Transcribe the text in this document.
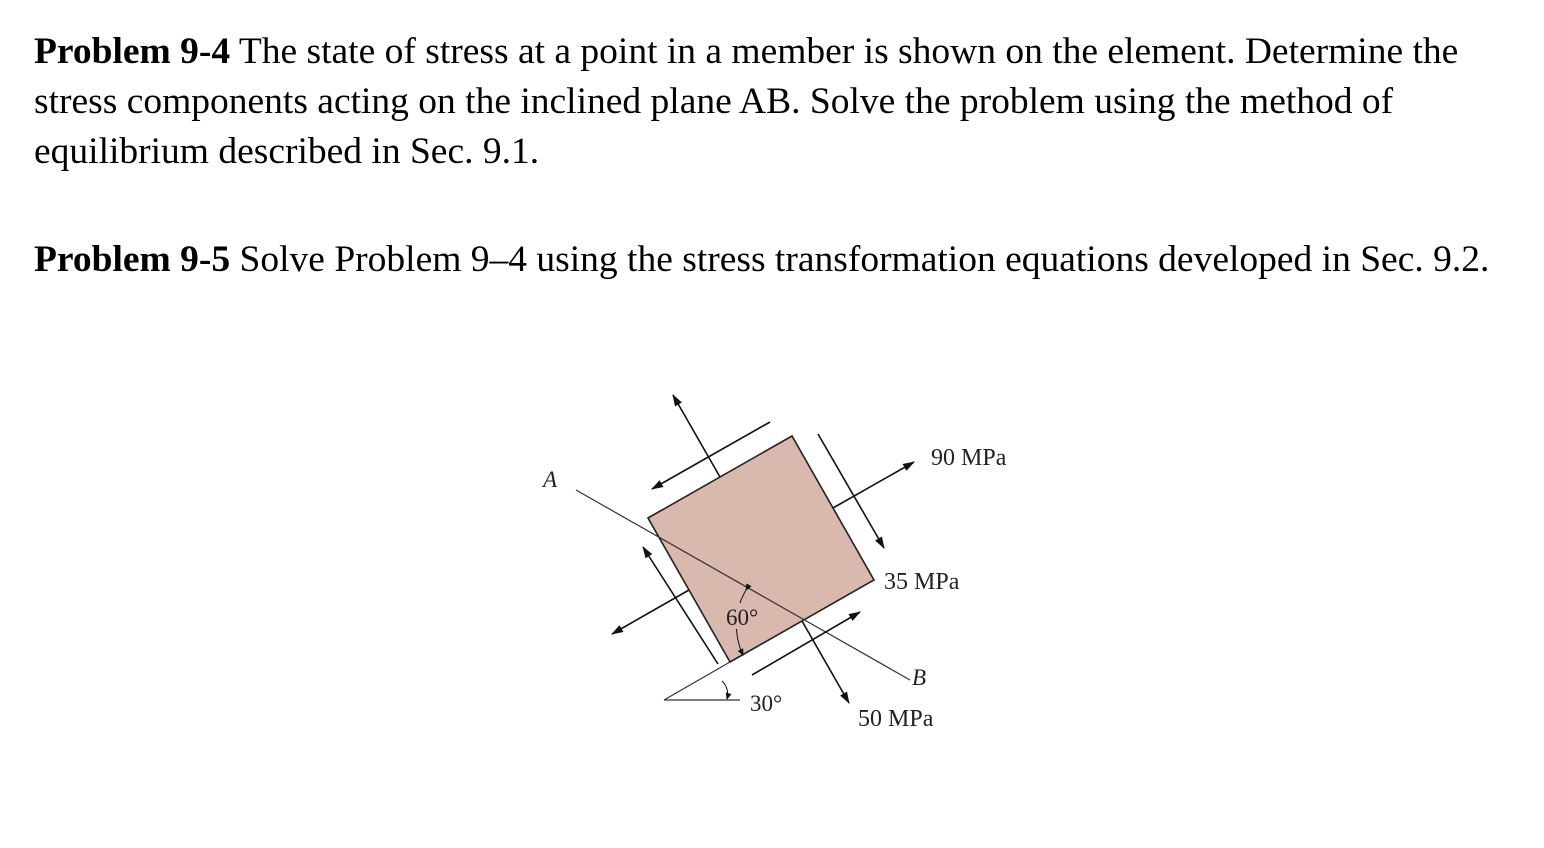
Problem 9-4 The state of stress at a point in a member is shown on the element. Determine the stress components acting on the inclined plane AB. Solve the problem using the method of equilibrium described in Sec. 9.1.

Problem 9-5 Solve Problem 9–4 using the stress transformation equations developed in Sec. 9.2.

A
B
90 MPa
35 MPa
50 MPa
60°
30°
